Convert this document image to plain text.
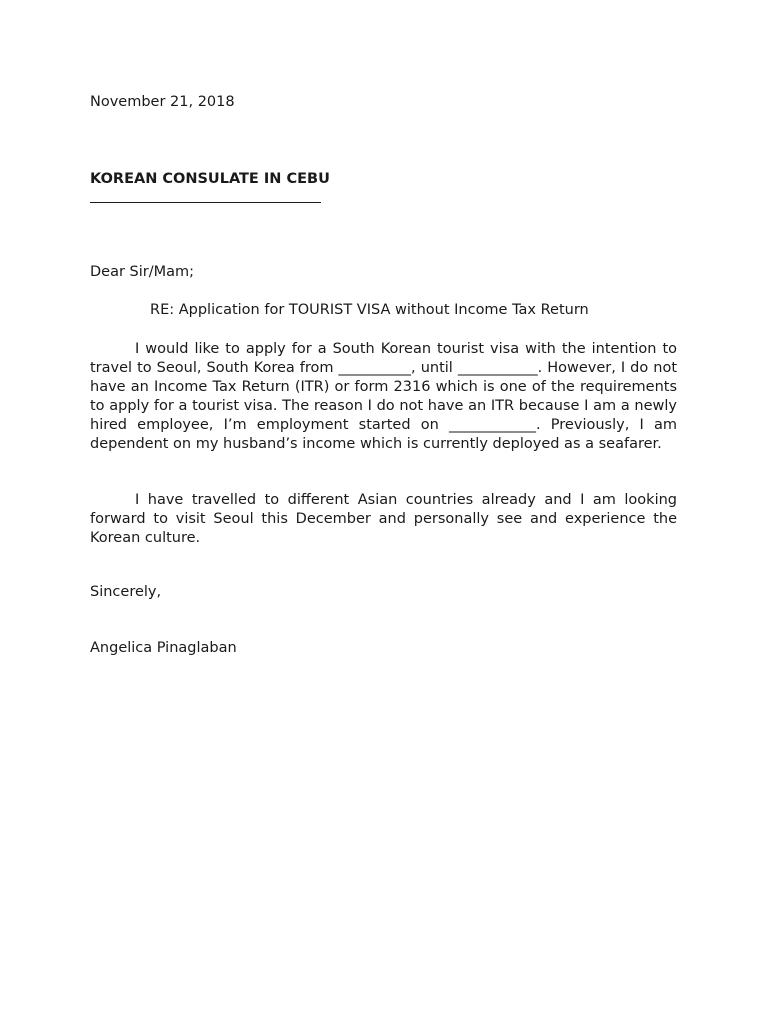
November 21, 2018
KOREAN CONSULATE IN CEBU
Dear Sir/Mam;
RE: Application for TOURIST VISA without Income Tax Return
I would like to apply for a South Korean tourist visa with the intention to travel to Seoul, South Korea from __________, until ___________. However, I do not have an Income Tax Return (ITR) or form 2316 which is one of the requirements to apply for a tourist visa. The reason I do not have an ITR because I am a newly hired employee, I’m employment started on ____________. Previously, I am dependent on my husband’s income which is currently deployed as a seafarer.
I have travelled to different Asian countries already and I am looking forward to visit Seoul this December and personally see and experience the Korean culture.
Sincerely,
Angelica Pinaglaban
